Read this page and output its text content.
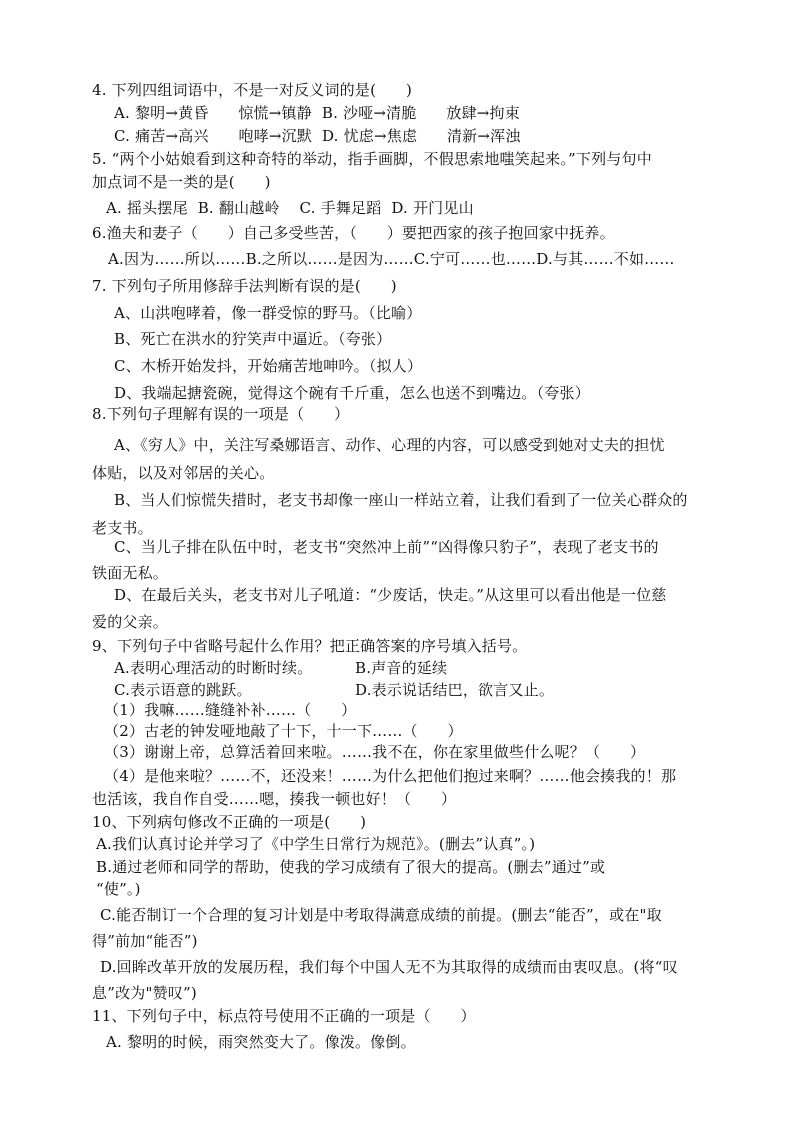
4. 下列四组词语中，不是一对反义词的是(      )
A. 黎明→黄昏      惊慌→镇静  B. 沙哑→清脆      放肆→拘束
C. 痛苦→高兴      咆哮→沉默  D. 忧虑→焦虑      清新→浑浊
5. “两个小姑娘看到这种奇特的举动，指手画脚，不假思索地嗤笑起来。”下列与句中
加点词不是一类的是(      )
A. 摇头摆尾  B. 翻山越岭    C. 手舞足蹈  D. 开门见山
6.渔夫和妻子（      ）自己多受些苦，（      ）要把西家的孩子抱回家中抚养。
A.因为……所以……B.之所以……是因为……C.宁可……也……D.与其……不如……
7. 下列句子所用修辞手法判断有误的是(      )
A、山洪咆哮着，像一群受惊的野马。（比喻）
B、死亡在洪水的狞笑声中逼近。（夸张）
C、木桥开始发抖，开始痛苦地呻吟。（拟人）
D、我端起搪瓷碗，觉得这个碗有千斤重，怎么也送不到嘴边。（夸张）
8.下列句子理解有误的一项是（      ）
A、《穷人》中，关注写桑娜语言、动作、心理的内容，可以感受到她对丈夫的担忧
体贴，以及对邻居的关心。
B、当人们惊慌失措时，老支书却像一座山一样站立着，让我们看到了一位关心群众的
老支书。
C、当儿子排在队伍中时，老支书“突然冲上前”“凶得像只豹子”，表现了老支书的
铁面无私。
D、在最后关头，老支书对儿子吼道：“少废话，快走。”从这里可以看出他是一位慈
爱的父亲。
9、下列句子中省略号起什么作用？把正确答案的序号填入括号。
A.表明心理活动的时断时续。	B.声音的延续
C.表示语意的跳跃。	D.表示说话结巴，欲言又止。
（1）我嘛……缝缝补补……（      ）
（2）古老的钟发哑地敲了十下，十一下……（      ）
（3）谢谢上帝，总算活着回来啦。……我不在，你在家里做些什么呢？（      ）
（4）是他来啦？……不，还没来！……为什么把他们抱过来啊？……他会揍我的！那
也活该，我自作自受……嗯，揍我一顿也好！（      ）
10、下列病句修改不正确的一项是(      )
A.我们认真讨论并学习了《中学生日常行为规范》。(删去”认真”。)
B.通过老师和同学的帮助，使我的学习成绩有了很大的提高。(删去”通过”或
“使”。)
C.能否制订一个合理的复习计划是中考取得满意成绩的前提。(删去“能否”，或在"取
得”前加“能否”)
D.回眸改革开放的发展历程，我们每个中国人无不为其取得的成绩而由衷叹息。(将“叹
息”改为"赞叹”)
11、下列句子中，标点符号使用不正确的一项是（      ）
A. 黎明的时候，雨突然变大了。像泼。像倒。
